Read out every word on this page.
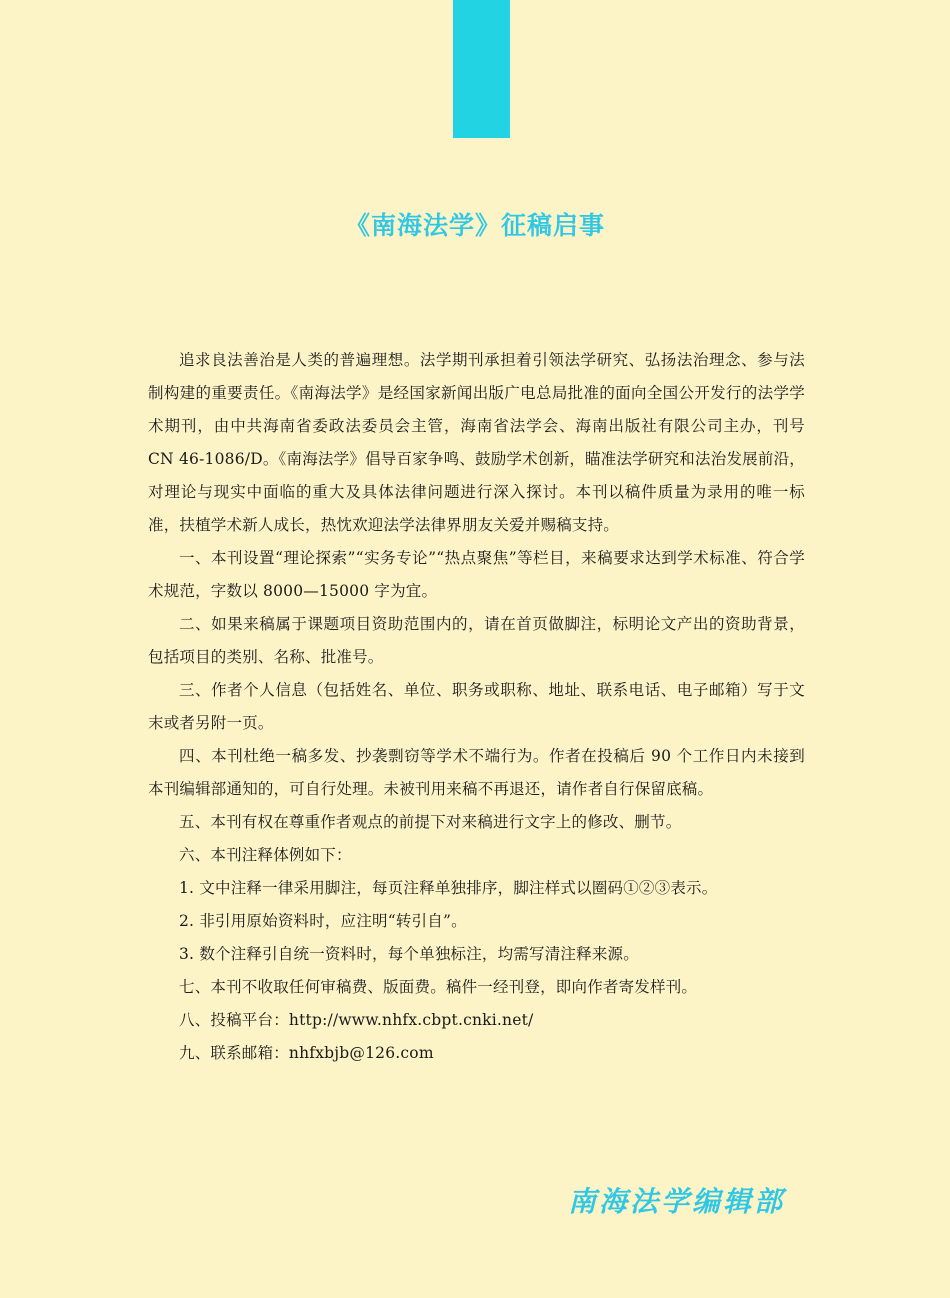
《南海法学》征稿启事

追求良法善治是人类的普遍理想。法学期刊承担着引领法学研究、弘扬法治理念、参与法制构建的重要责任。《南海法学》是经国家新闻出版广电总局批准的面向全国公开发行的法学学术期刊，由中共海南省委政法委员会主管，海南省法学会、海南出版社有限公司主办，刊号 CN 46-1086/D。《南海法学》倡导百家争鸣、鼓励学术创新，瞄准法学研究和法治发展前沿，对理论与现实中面临的重大及具体法律问题进行深入探讨。本刊以稿件质量为录用的唯一标准，扶植学术新人成长，热忱欢迎法学法律界朋友关爱并赐稿支持。

一、本刊设置“理论探索”“实务专论”“热点聚焦”等栏目，来稿要求达到学术标准、符合学术规范，字数以 8000—15000 字为宜。

二、如果来稿属于课题项目资助范围内的，请在首页做脚注，标明论文产出的资助背景，包括项目的类别、名称、批准号。

三、作者个人信息（包括姓名、单位、职务或职称、地址、联系电话、电子邮箱）写于文末或者另附一页。

四、本刊杜绝一稿多发、抄袭剽窃等学术不端行为。作者在投稿后 90 个工作日内未接到本刊编辑部通知的，可自行处理。未被刊用来稿不再退还，请作者自行保留底稿。

五、本刊有权在尊重作者观点的前提下对来稿进行文字上的修改、删节。

六、本刊注释体例如下：

1. 文中注释一律采用脚注，每页注释单独排序，脚注样式以圈码①②③表示。

2. 非引用原始资料时，应注明“转引自”。

3. 数个注释引自统一资料时，每个单独标注，均需写清注释来源。

七、本刊不收取任何审稿费、版面费。稿件一经刊登，即向作者寄发样刊。

八、投稿平台：http://www.nhfx.cbpt.cnki.net/

九、联系邮箱：nhfxbjb@126.com

南海法学编辑部
